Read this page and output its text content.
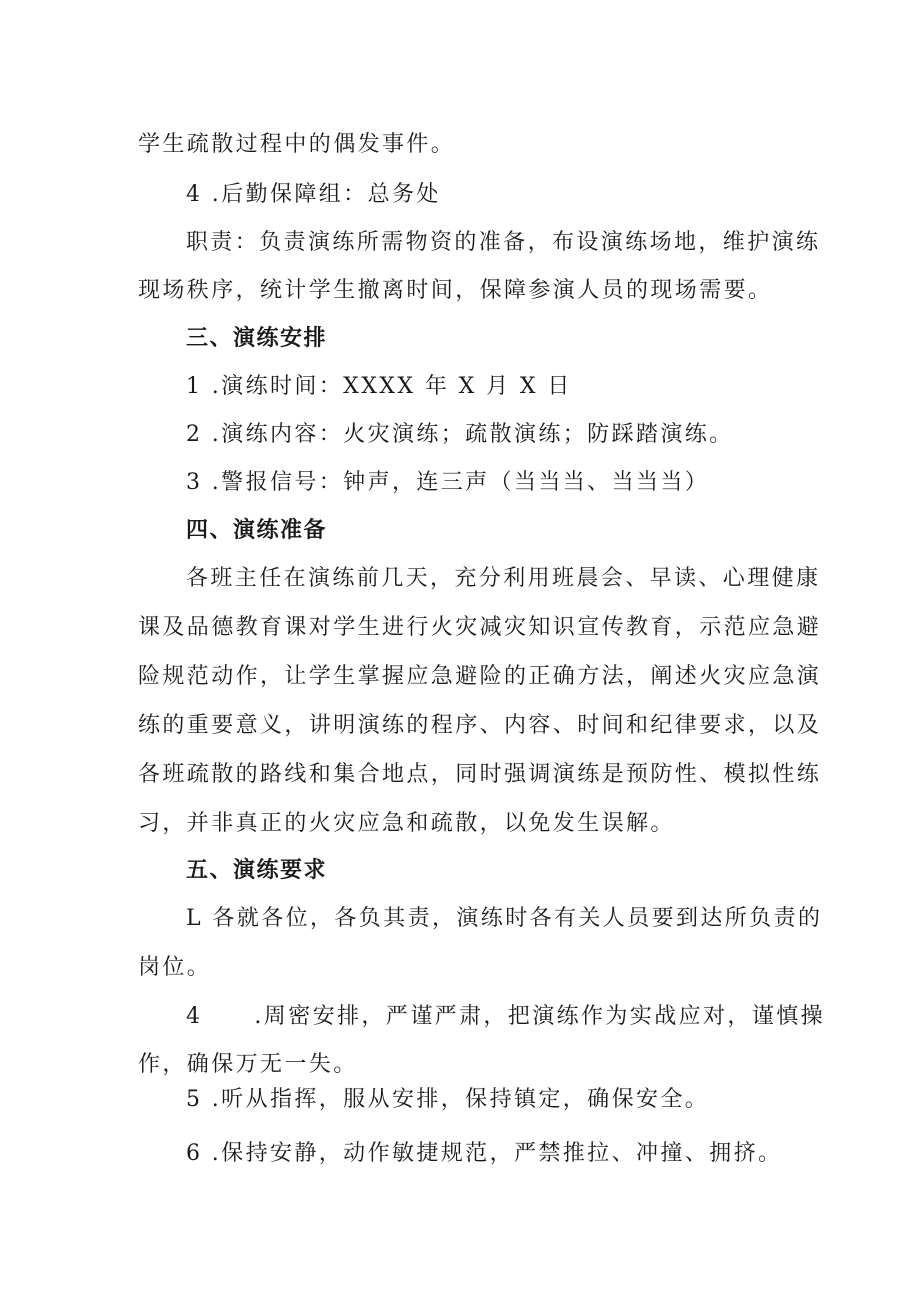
学生疏散过程中的偶发事件。
4 .后勤保障组：总务处
职责：负责演练所需物资的准备，布设演练场地，维护演练
现场秩序，统计学生撤离时间，保障参演人员的现场需要。
三、演练安排
1 .演练时间：XXXX 年 X 月 X 日
2 .演练内容：火灾演练；疏散演练；防踩踏演练。
3 .警报信号：钟声，连三声（当当当、当当当）
四、演练准备
各班主任在演练前几天，充分利用班晨会、早读、心理健康
课及品德教育课对学生进行火灾减灾知识宣传教育，示范应急避
险规范动作，让学生掌握应急避险的正确方法，阐述火灾应急演
练的重要意义，讲明演练的程序、内容、时间和纪律要求，以及
各班疏散的路线和集合地点，同时强调演练是预防性、模拟性练
习，并非真正的火灾应急和疏散，以免发生误解。
五、演练要求
L 各就各位，各负其责，演练时各有关人员要到达所负责的
岗位。
4 .周密安排，严谨严肃，把演练作为实战应对，谨慎操
作，确保万无一失。
5 .听从指挥，服从安排，保持镇定，确保安全。
6 .保持安静，动作敏捷规范，严禁推拉、冲撞、拥挤。
